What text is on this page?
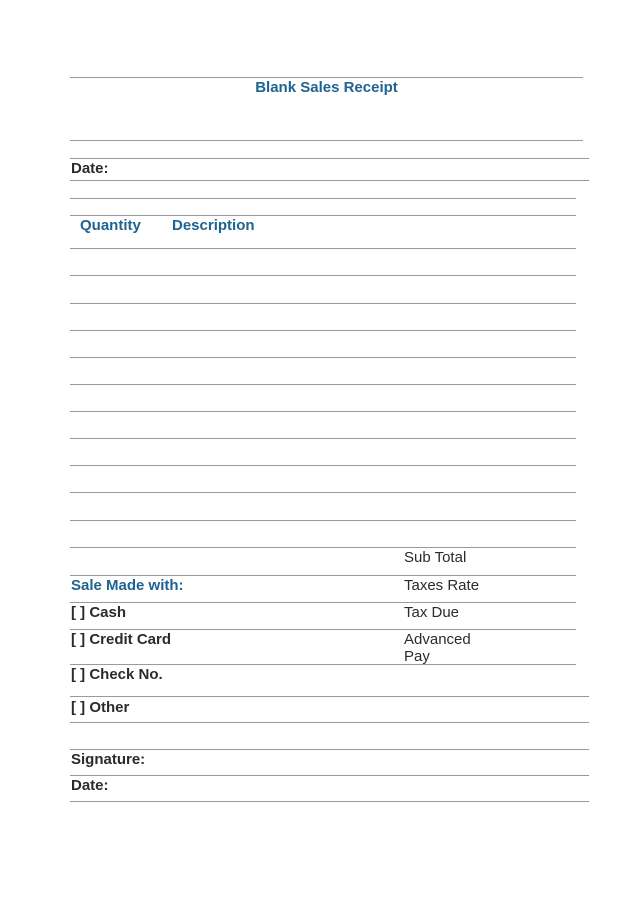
Blank Sales Receipt
Date:
Quantity Description
Sub Total
Taxes Rate
Tax Due
Advanced Pay
Sale Made with:
[ ] Cash
[ ] Credit Card
[ ] Check No.
[ ] Other
Signature:
Date:
